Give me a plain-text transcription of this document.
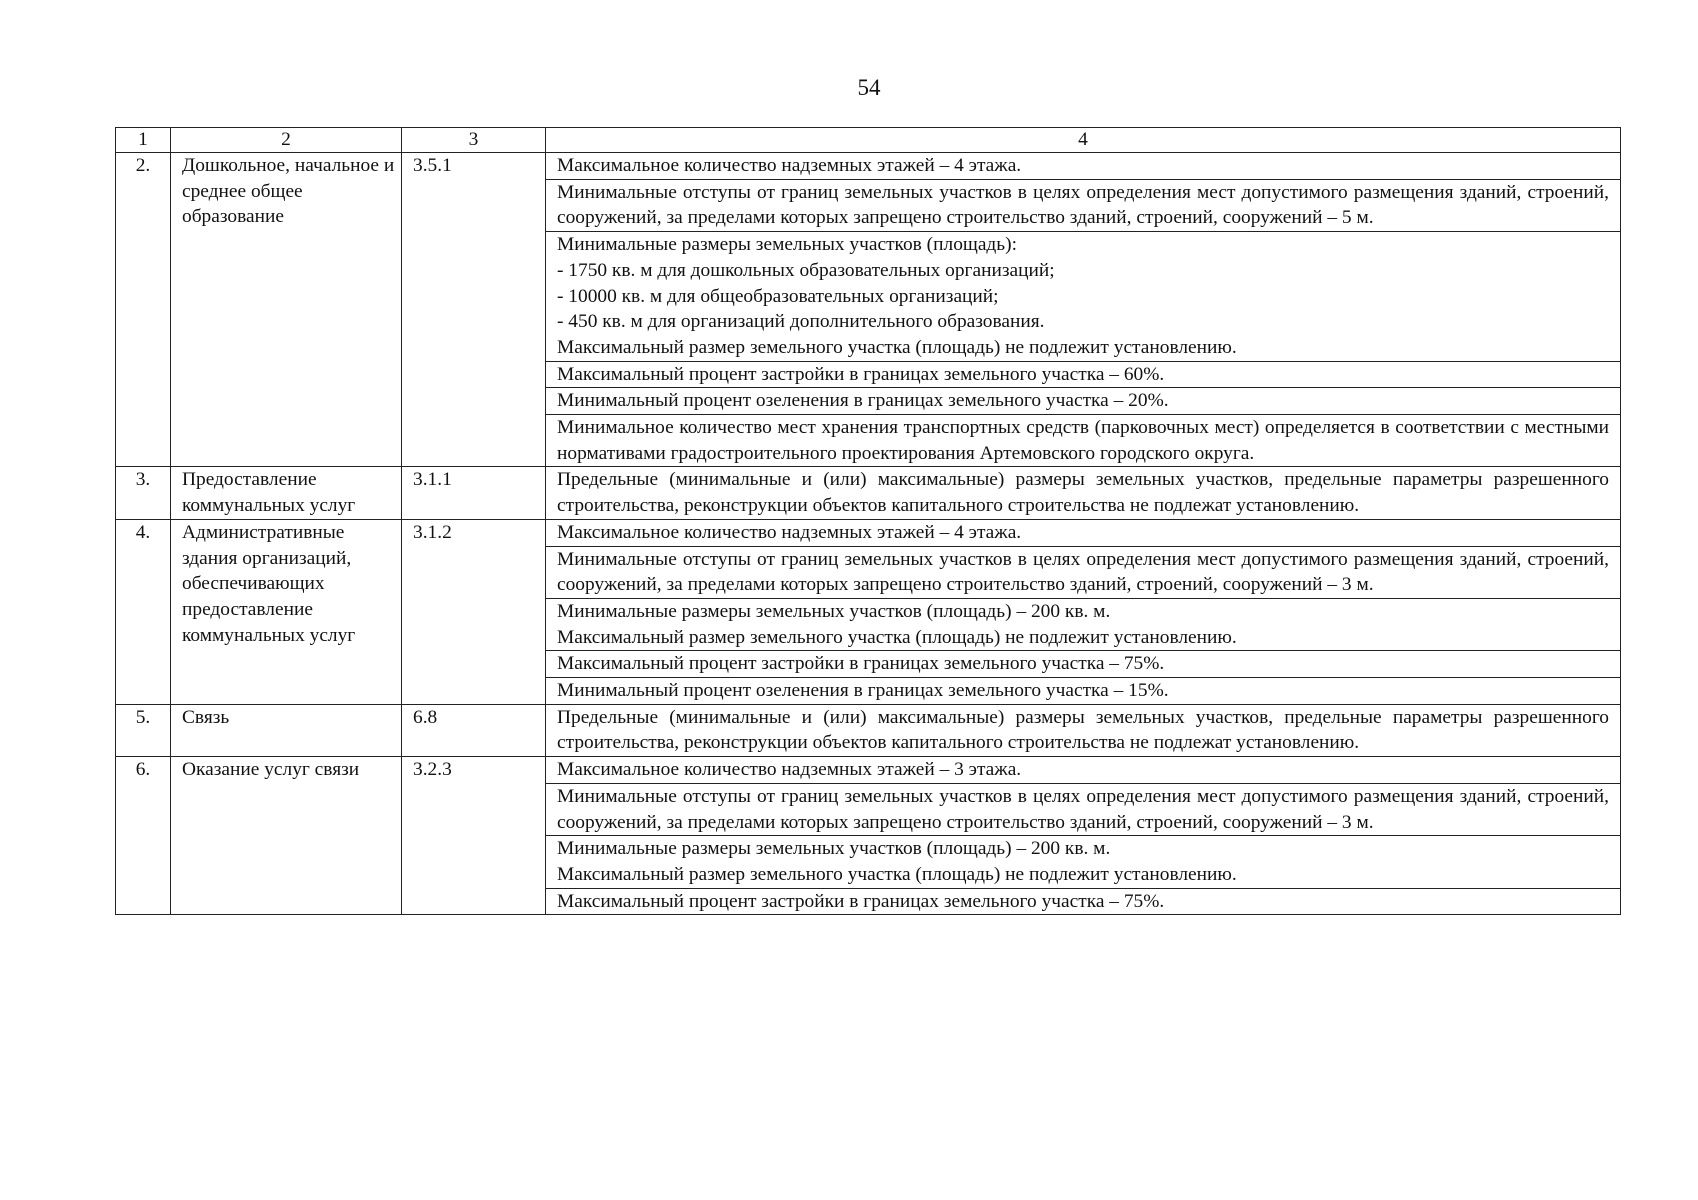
54
1	2	3	4
2.	Дошкольное, начальное и среднее общее образование	3.5.1	Максимальное количество надземных этажей – 4 этажа.

			Минимальные отступы от границ земельных участков в целях определения мест допустимого размещения зданий, строений, сооружений, за пределами которых запрещено строительство зданий, строений, сооружений – 5 м.

			Минимальные размеры земельных участков (площадь):
- 1750 кв. м для дошкольных образовательных организаций;
- 10000 кв. м для общеобразовательных организаций;
- 450 кв. м для организаций дополнительного образования.
Максимальный размер земельного участка (площадь) не подлежит установлению.

			Максимальный процент застройки в границах земельного участка – 60%.

			Минимальный процент озеленения в границах земельного участка – 20%.

			Минимальное количество мест хранения транспортных средств (парковочных мест) определяется в соответствии с местными нормативами градостроительного проектирования Артемовского городского округа.

3.	Предоставление коммунальных услуг	3.1.1	Предельные (минимальные и (или) максимальные) размеры земельных участков, предельные параметры разрешенного строительства, реконструкции объектов капитального строительства не подлежат установлению.

4.	Административные здания организаций, обеспечивающих предоставление коммунальных услуг	3.1.2	Максимальное количество надземных этажей – 4 этажа.

			Минимальные отступы от границ земельных участков в целях определения мест допустимого размещения зданий, строений, сооружений, за пределами которых запрещено строительство зданий, строений, сооружений – 3 м.

			Минимальные размеры земельных участков (площадь) – 200 кв. м.
Максимальный размер земельного участка (площадь) не подлежит установлению.

			Максимальный процент застройки в границах земельного участка – 75%.

			Минимальный процент озеленения в границах земельного участка – 15%.

5.	Связь	6.8	Предельные (минимальные и (или) максимальные) размеры земельных участков, предельные параметры разрешенного строительства, реконструкции объектов капитального строительства не подлежат установлению.

6.	Оказание услуг связи	3.2.3	Максимальное количество надземных этажей – 3 этажа.

			Минимальные отступы от границ земельных участков в целях определения мест допустимого размещения зданий, строений, сооружений, за пределами которых запрещено строительство зданий, строений, сооружений – 3 м.

			Минимальные размеры земельных участков (площадь) – 200 кв. м.
Максимальный размер земельного участка (площадь) не подлежит установлению.

			Максимальный процент застройки в границах земельного участка – 75%.
